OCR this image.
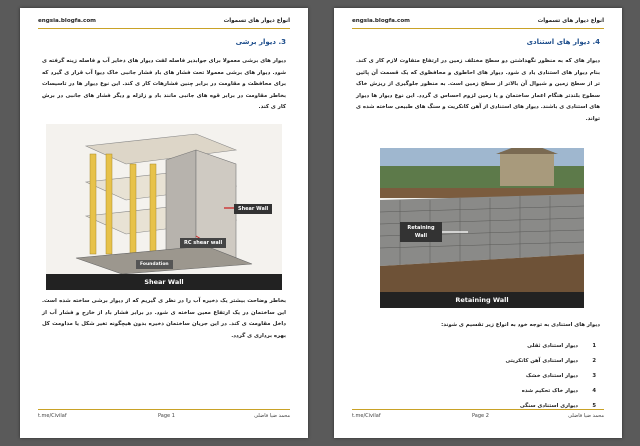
engsia.blogfa.com	انواع دیوار های تسموات
3. دیوار برشی
دیوار های برشی معمولا برای جوابدیر فاصله لفت دیوار های ذخایر آب و فاصله زینه گرفته ی شود. دیوار های برشی معمولا تحت فشار های باد فشار جانبی خاک دیوا آب قرار ی گیرد که برای محافظت و مقاومت در برابر چنین فشارهات کار ی کند. این نوع دیوار ها در تاسیسات بخاطر مقاومت در برابر قوه های جانبی مانند باد و زلزله و دیگر فشار های جانبی در برش کار ی کند.
Shear Wall
RC shear wall
Foundation
Shear Wall
بخاطر وضاحت بیشتر یک ذخیره آب را در نظر ی گیریم که از دیوار برشی ساخته شده است. این ساختمان در یک ارتفاع معین ساخته ی شود. در برابر فشار باد از خارج و فشار آب از داخل مقاومت ی کند. در این جریان ساختمان ذخیره بدون هیچگونه تغیر شکل یا مداومت کل بهره برداری ی گردد.
t.me/Civilaf	Page 1	محمد ضیا فاضلی
engsia.blogfa.com	انواع دیوار های تسموات
4. دیوار های استنادی
دیوار های که به منظور نگهداشتن دو سطح مختلف زمین در ارتفاع متفاوت لازم کار ی کند. بنام دیوار های استنادی یاد ی شود. دیوار های احاطوی و محافظوی که یک قسمت آن پائین تر از سطح زمین و شیوال آن بالاتر از سطح زمین است. به منظور جلوگیری از ریزش خاک سطوح بلندتر هنگام اعمار ساختمان و یا زمین لزوم احساس ی گردد. این نوع دیوار ها دیوار های استنادی ی باشند. دیوار های استنادی از آهن کانکریت و سنگ های طبیعی ساخته شده ی تواند.
Retaining
Wall
Retaining Wall
دیوار های استنادی به توجه خود به انواع زیر تقسیم ی شوند:
1
دیوار استنادی ثقلی
2
دیوار استنادی آهن کانکریتی
3
دیوار استنادی خشک
4
دیوار خاک تحکیم شده
5
دیواری استنادی سنگی
t.me/Civilaf	Page 2	محمد ضیا فاضلی
